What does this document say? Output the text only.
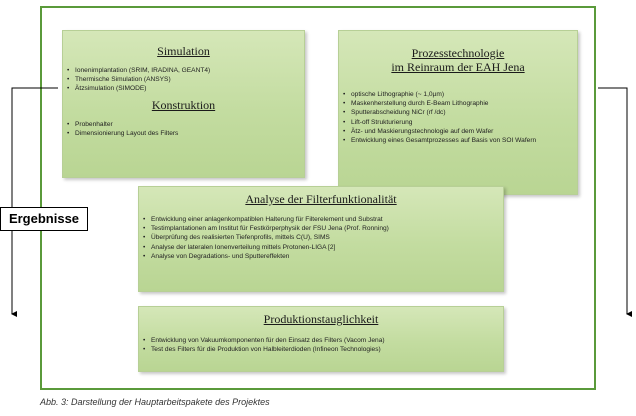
Simulation
• Ionenimplantation (SRIM, IRADINA, GEANT4)
• Thermische Simulation (ANSYS)
• Ätzsimulation (SIMODE)
Konstruktion
• Probenhalter
• Dimensionierung Layout des Filters
Prozesstechnologie
im Reinraum der EAH Jena
• optische Lithographie (~ 1,0µm)
• Maskenherstellung durch E-Beam Lithographie
• Sputterabscheidung NiCr (rf /dc)
• Lift-off Strukturierung
• Ätz- und Maskierungstechnologie auf dem Wafer
• Entwicklung eines Gesamtprozesses auf Basis von SOI Wafern
Analyse der Filterfunktionalität
• Entwicklung einer anlagenkompatiblen Halterung für Filterelement und Substrat
• Testimplantationen am Institut für Festkörperphysik der FSU Jena (Prof. Ronning)
• Überprüfung des realisierten Tiefenprofils, mittels C(U), SIMS
• Analyse der lateralen Ionenverteilung mittels Protonen-LIGA [2]
• Analyse von Degradations- und Sputtereffekten
Produktionstauglichkeit
• Entwicklung von Vakuumkomponenten für den Einsatz des Filters (Vacom Jena)
• Test des Filters für die Produktion von Halbleiterdioden (Infineon Technologies)
Ergebnisse
Abb. 3: Darstellung der Hauptarbeitspakete des Projektes
